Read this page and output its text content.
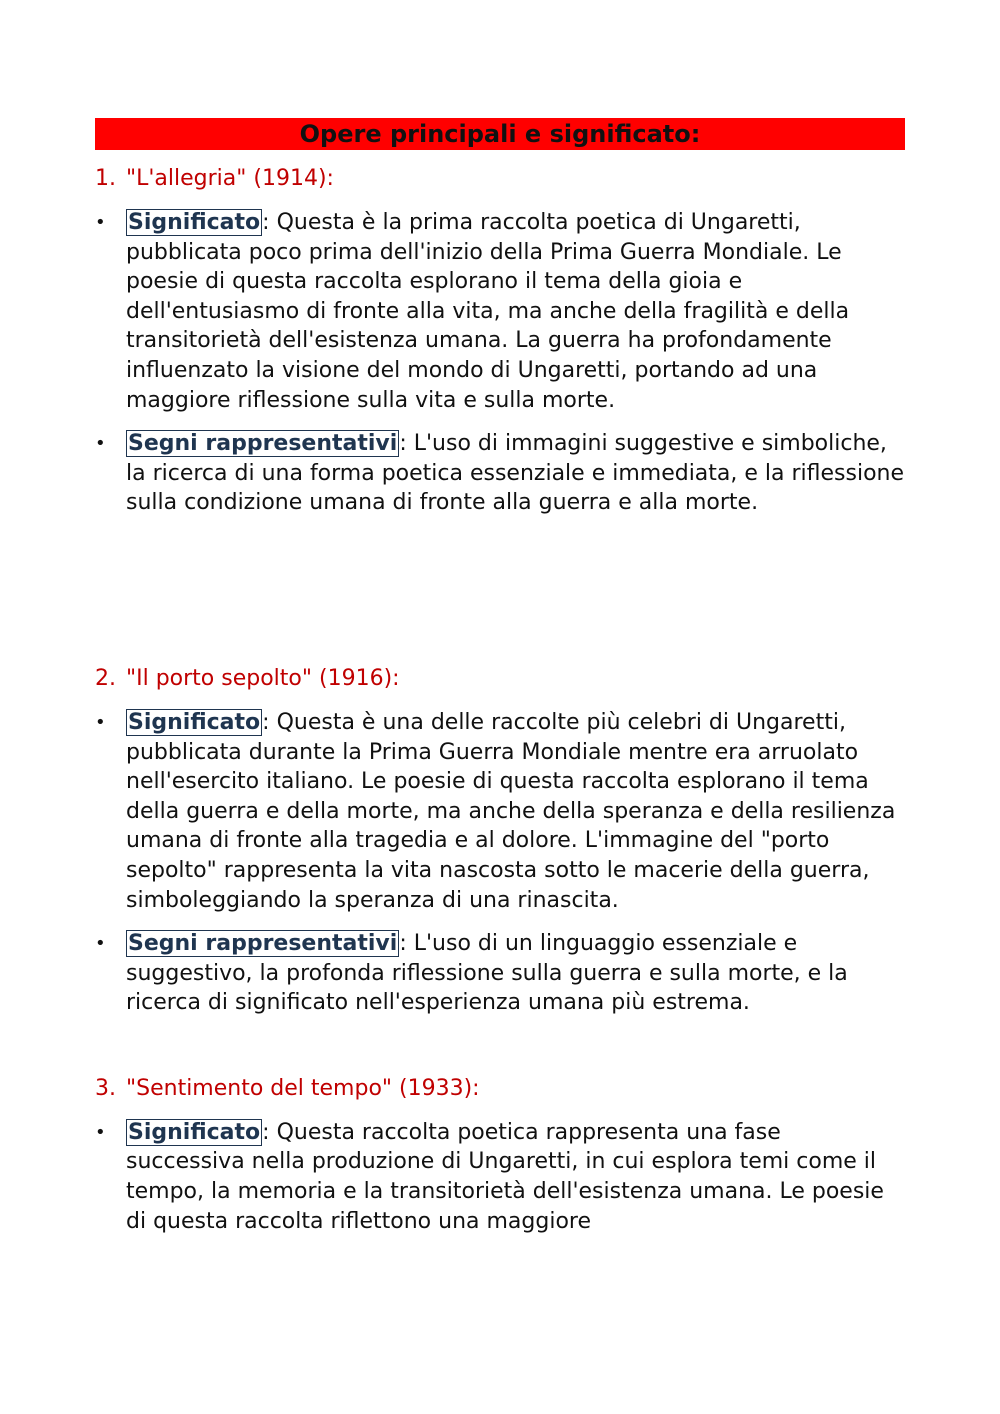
Opere principali e significato:
1. "L'allegria" (1914):
• Significato: Questa è la prima raccolta poetica di Ungaretti, pubblicata poco prima dell'inizio della Prima Guerra Mondiale. Le poesie di questa raccolta esplorano il tema della gioia e dell'entusiasmo di fronte alla vita, ma anche della fragilità e della transitorietà dell'esistenza umana. La guerra ha profondamente influenzato la visione del mondo di Ungaretti, portando ad una maggiore riflessione sulla vita e sulla morte.
• Segni rappresentativi: L'uso di immagini suggestive e simboliche, la ricerca di una forma poetica essenziale e immediata, e la riflessione sulla condizione umana di fronte alla guerra e alla morte.
2. "Il porto sepolto" (1916):
• Significato: Questa è una delle raccolte più celebri di Ungaretti, pubblicata durante la Prima Guerra Mondiale mentre era arruolato nell'esercito italiano. Le poesie di questa raccolta esplorano il tema della guerra e della morte, ma anche della speranza e della resilienza umana di fronte alla tragedia e al dolore. L'immagine del "porto sepolto" rappresenta la vita nascosta sotto le macerie della guerra, simboleggiando la speranza di una rinascita.
• Segni rappresentativi: L'uso di un linguaggio essenziale e suggestivo, la profonda riflessione sulla guerra e sulla morte, e la ricerca di significato nell'esperienza umana più estrema.
3. "Sentimento del tempo" (1933):
• Significato: Questa raccolta poetica rappresenta una fase successiva nella produzione di Ungaretti, in cui esplora temi come il tempo, la memoria e la transitorietà dell'esistenza umana. Le poesie di questa raccolta riflettono una maggiore
